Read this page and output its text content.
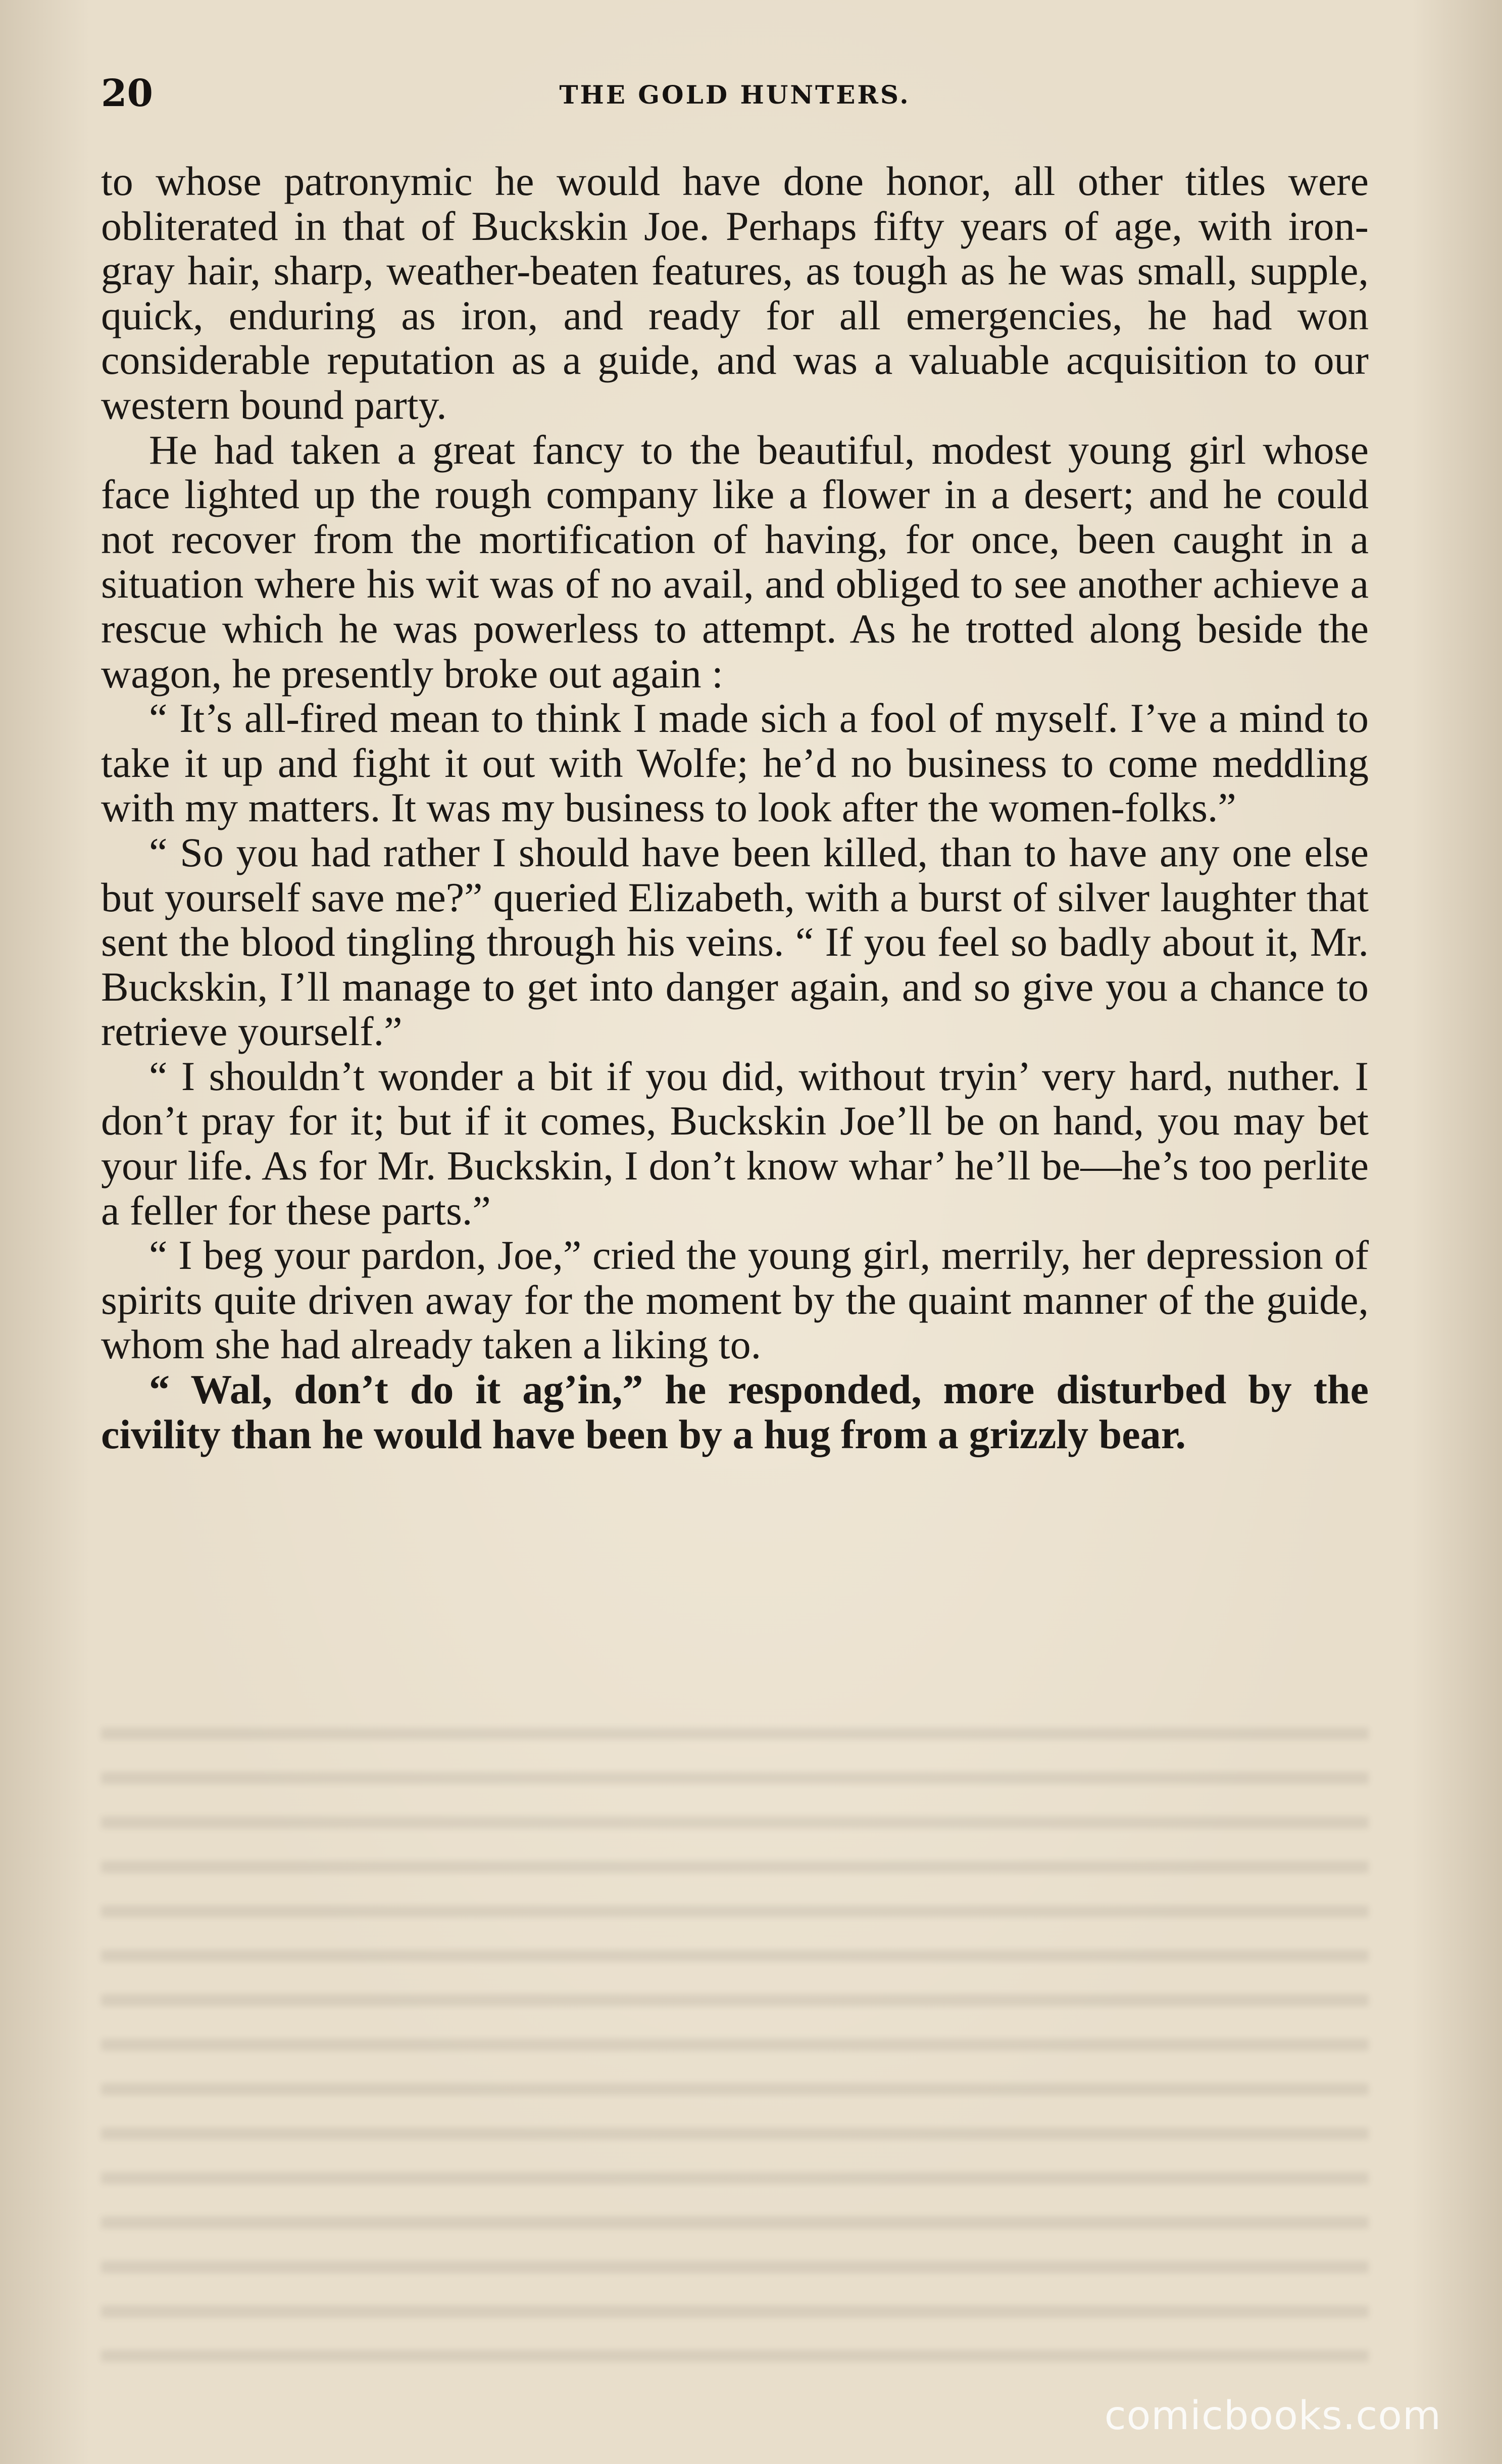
20	THE GOLD HUNTERS.

to whose patronymic he would have done honor, all other titles were obliterated in that of Buckskin Joe. Perhaps fifty years of age, with iron-gray hair, sharp, weather-beaten features, as tough as he was small, supple, quick, enduring as iron, and ready for all emergencies, he had won considerable reputation as a guide, and was a valuable acquisition to our western bound party.

He had taken a great fancy to the beautiful, modest young girl whose face lighted up the rough company like a flower in a desert; and he could not recover from the mortification of having, for once, been caught in a situation where his wit was of no avail, and obliged to see another achieve a rescue which he was powerless to attempt. As he trotted along beside the wagon, he presently broke out again :

“ It’s all-fired mean to think I made sich a fool of myself. I’ve a mind to take it up and fight it out with Wolfe; he’d no business to come meddling with my matters. It was my business to look after the women-folks.”

“ So you had rather I should have been killed, than to have any one else but yourself save me?” queried Elizabeth, with a burst of silver laughter that sent the blood tingling through his veins. “ If you feel so badly about it, Mr. Buckskin, I’ll manage to get into danger again, and so give you a chance to retrieve yourself.”

“ I shouldn’t wonder a bit if you did, without tryin’ very hard, nuther. I don’t pray for it; but if it comes, Buckskin Joe’ll be on hand, you may bet your life. As for Mr. Buckskin, I don’t know whar’ he’ll be—he’s too perlite a feller for these parts.”

“ I beg your pardon, Joe,” cried the young girl, merrily, her depression of spirits quite driven away for the moment by the quaint manner of the guide, whom she had already taken a liking to.

“ Wal, don’t do it ag’in,” he responded, more disturbed by the civility than he would have been by a hug from a grizzly bear.

comicbooks.com
